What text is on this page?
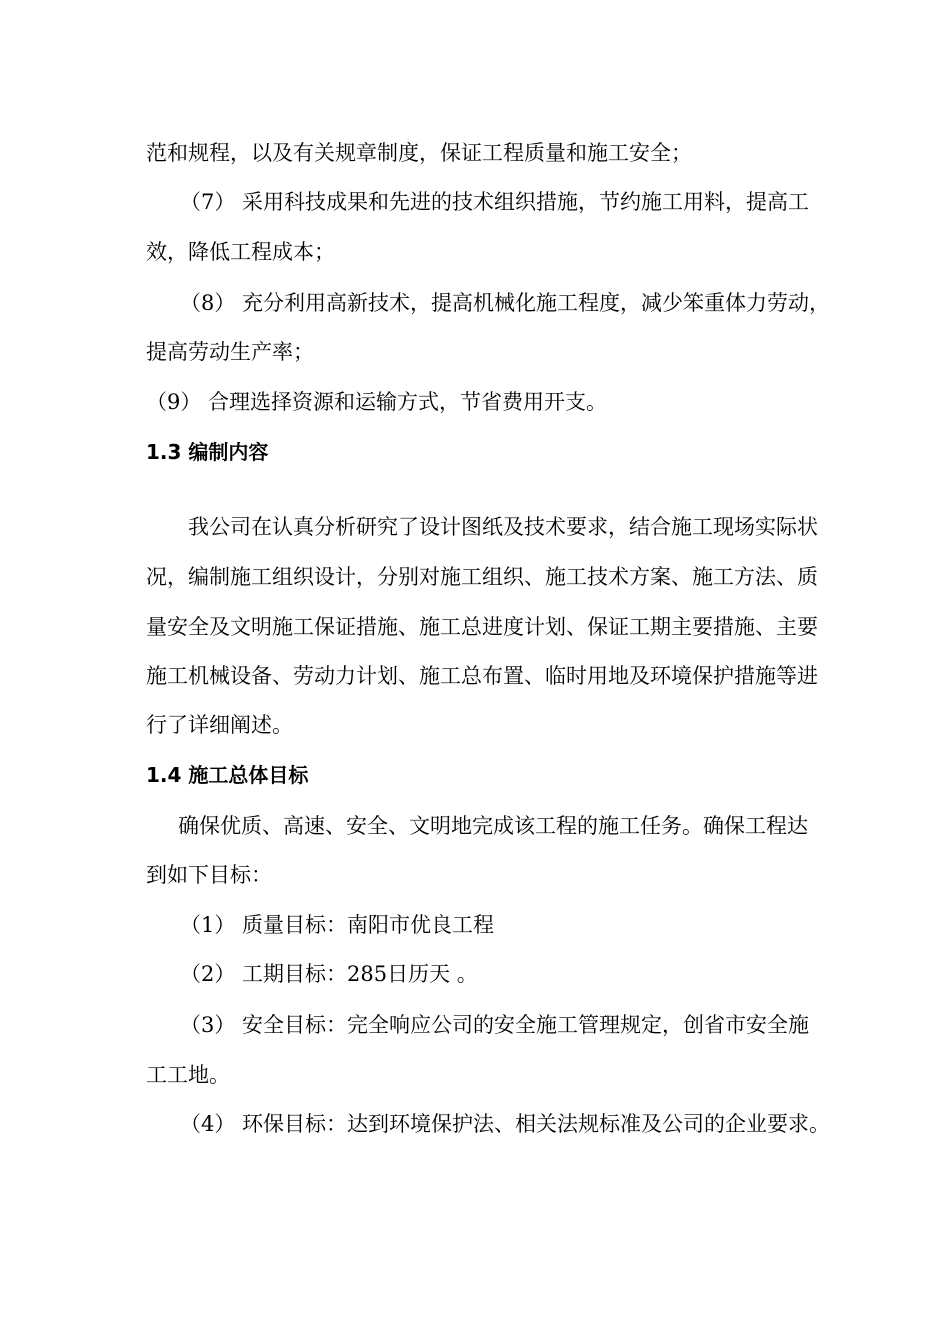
范和规程，以及有关规章制度，保证工程质量和施工安全；
（7） 采用科技成果和先进的技术组织措施，节约施工用料，提高工
效，降低工程成本；
（8） 充分利用高新技术，提高机械化施工程度，减少笨重体力劳动，
提高劳动生产率；
（9） 合理选择资源和运输方式，节省费用开支。
1.3 编制内容
我公司在认真分析研究了设计图纸及技术要求，结合施工现场实际状
况，编制施工组织设计，分别对施工组织、施工技术方案、施工方法、质
量安全及文明施工保证措施、施工总进度计划、保证工期主要措施、主要
施工机械设备、劳动力计划、施工总布置、临时用地及环境保护措施等进
行了详细阐述。
1.4 施工总体目标
确保优质、高速、安全、文明地完成该工程的施工任务。确保工程达
到如下目标：
（1） 质量目标：南阳市优良工程
（2） 工期目标：285日历天 。
（3） 安全目标：完全响应公司的安全施工管理规定，创省市安全施
工工地。
（4） 环保目标：达到环境保护法、相关法规标准及公司的企业要求。
